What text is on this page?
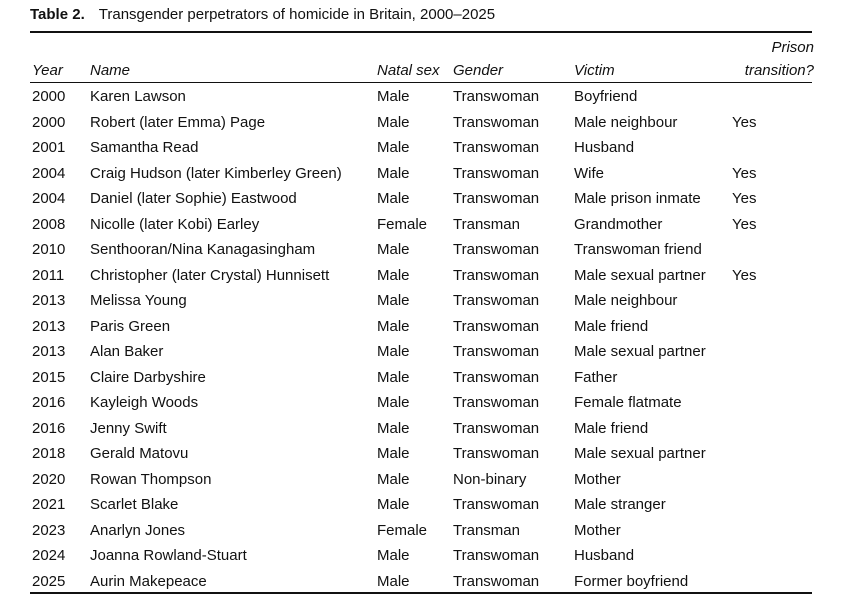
Table 2. Transgender perpetrators of homicide in Britain, 2000–2025
Year	Name	Natal sex	Gender	Victim	Prison
transition?
2000	Karen Lawson	Male	Transwoman	Boyfriend	
2000	Robert (later Emma) Page	Male	Transwoman	Male neighbour	Yes
2001	Samantha Read	Male	Transwoman	Husband	
2004	Craig Hudson (later Kimberley Green)	Male	Transwoman	Wife	Yes
2004	Daniel (later Sophie) Eastwood	Male	Transwoman	Male prison inmate	Yes
2008	Nicolle (later Kobi) Earley	Female	Transman	Grandmother	Yes
2010	Senthooran/Nina Kanagasingham	Male	Transwoman	Transwoman friend	
2011	Christopher (later Crystal) Hunnisett	Male	Transwoman	Male sexual partner	Yes
2013	Melissa Young	Male	Transwoman	Male neighbour	
2013	Paris Green	Male	Transwoman	Male friend	
2013	Alan Baker	Male	Transwoman	Male sexual partner	
2015	Claire Darbyshire	Male	Transwoman	Father	
2016	Kayleigh Woods	Male	Transwoman	Female flatmate	
2016	Jenny Swift	Male	Transwoman	Male friend	
2018	Gerald Matovu	Male	Transwoman	Male sexual partner	
2020	Rowan Thompson	Male	Non-binary	Mother	
2021	Scarlet Blake	Male	Transwoman	Male stranger	
2023	Anarlyn Jones	Female	Transman	Mother	
2024	Joanna Rowland-Stuart	Male	Transwoman	Husband	
2025	Aurin Makepeace	Male	Transwoman	Former boyfriend	
